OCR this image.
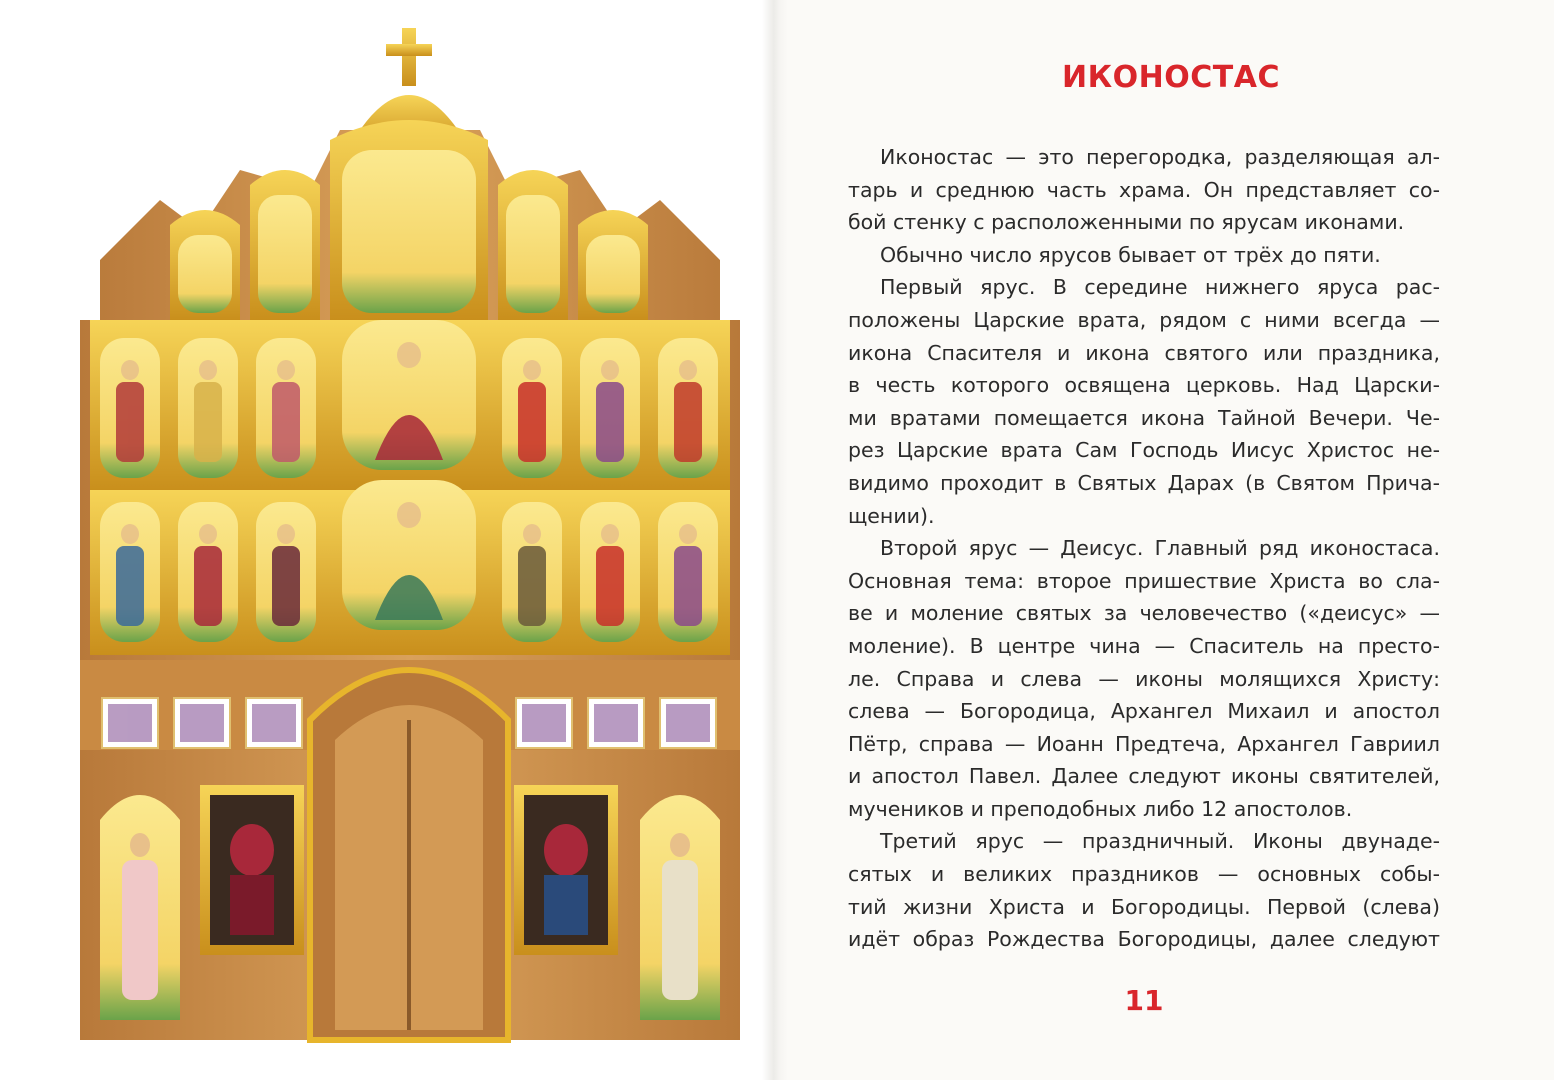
ИКОНОСТАС
Иконостас — это перегородка, разделяющая ал-
тарь и среднюю часть храма. Он представляет со-
бой стенку с расположенными по ярусам иконами.
Обычно число ярусов бывает от трёх до пяти.
Первый ярус. В середине нижнего яруса рас-
положены Царские врата, рядом с ними всегда —
икона Спасителя и икона святого или праздника,
в честь которого освящена церковь. Над Царски-
ми вратами помещается икона Тайной Вечери. Че-
рез Царские врата Сам Господь Иисус Христос не-
видимо проходит в Святых Дарах (в Святом Прича-
щении).
Второй ярус — Деисус. Главный ряд иконостаса.
Основная тема: второе пришествие Христа во сла-
ве и моление святых за человечество («деисус» —
моление). В центре чина — Спаситель на престо-
ле. Справа и слева — иконы молящихся Христу:
слева — Богородица, Архангел Михаил и апостол
Пётр, справа — Иоанн Предтеча, Архангел Гавриил
и апостол Павел. Далее следуют иконы святителей,
мучеников и преподобных либо 12 апостолов.
Третий ярус — праздничный. Иконы двунаде-
сятых и великих праздников — основных собы-
тий жизни Христа и Богородицы. Первой (слева)
идёт образ Рождества Богородицы, далее следуют
11
